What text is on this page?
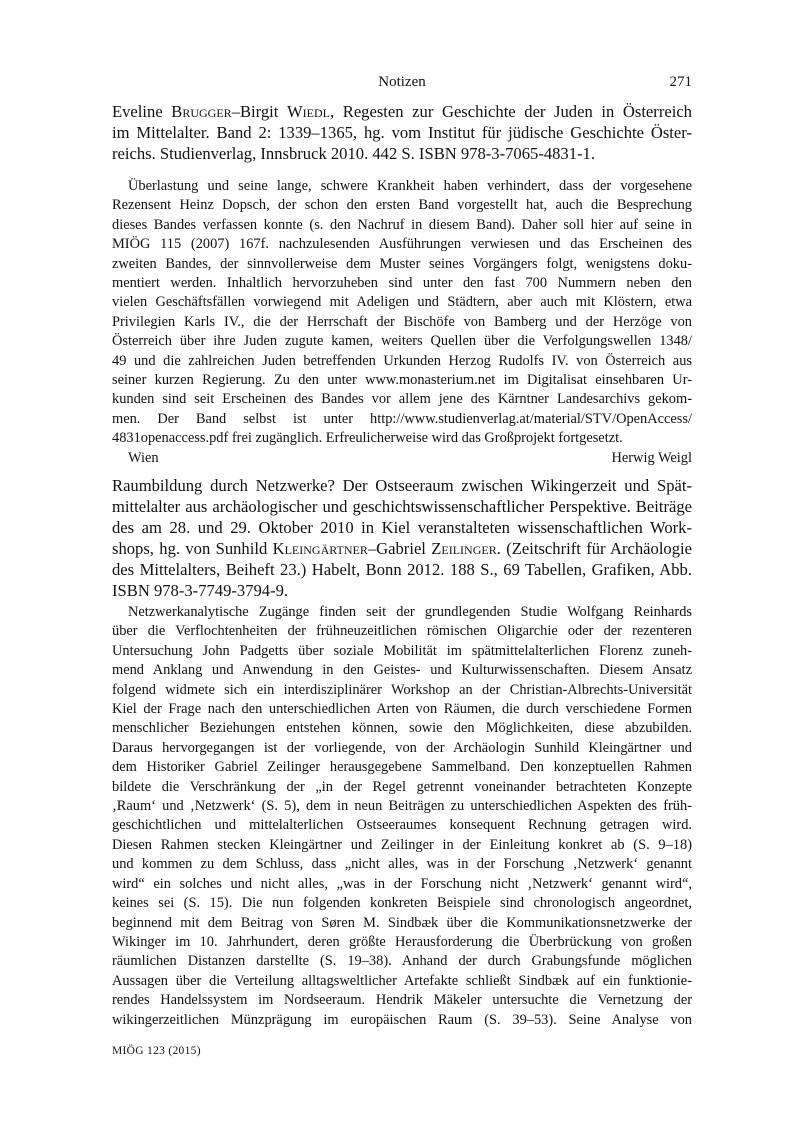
Notizen	271
Eveline Brugger–Birgit Wiedl, Regesten zur Geschichte der Juden in Österreich
im Mittelalter. Band 2: 1339–1365, hg. vom Institut für jüdische Geschichte Öster-
reichs. Studienverlag, Innsbruck 2010. 442 S. ISBN 978-3-7065-4831-1.
Überlastung und seine lange, schwere Krankheit haben verhindert, dass der vorgesehene
Rezensent Heinz Dopsch, der schon den ersten Band vorgestellt hat, auch die Besprechung
dieses Bandes verfassen konnte (s. den Nachruf in diesem Band). Daher soll hier auf seine in
MIÖG 115 (2007) 167f. nachzulesenden Ausführungen verwiesen und das Erscheinen des
zweiten Bandes, der sinnvollerweise dem Muster seines Vorgängers folgt, wenigstens doku-
mentiert werden. Inhaltlich hervorzuheben sind unter den fast 700 Nummern neben den
vielen Geschäftsfällen vorwiegend mit Adeligen und Städtern, aber auch mit Klöstern, etwa
Privilegien Karls IV., die der Herrschaft der Bischöfe von Bamberg und der Herzöge von
Österreich über ihre Juden zugute kamen, weiters Quellen über die Verfolgungswellen 1348/
49 und die zahlreichen Juden betreffenden Urkunden Herzog Rudolfs IV. von Österreich aus
seiner kurzen Regierung. Zu den unter www.monasterium.net im Digitalisat einsehbaren Ur-
kunden sind seit Erscheinen des Bandes vor allem jene des Kärntner Landesarchivs gekom-
men. Der Band selbst ist unter http://www.studienverlag.at/material/STV/OpenAccess/
4831openaccess.pdf frei zugänglich. Erfreulicherweise wird das Großprojekt fortgesetzt.
Wien	Herwig Weigl
Raumbildung durch Netzwerke? Der Ostseeraum zwischen Wikingerzeit und Spät-
mittelalter aus archäologischer und geschichtswissenschaftlicher Perspektive. Beiträge
des am 28. und 29. Oktober 2010 in Kiel veranstalteten wissenschaftlichen Work-
shops, hg. von Sunhild Kleingärtner–Gabriel Zeilinger. (Zeitschrift für Archäologie
des Mittelalters, Beiheft 23.) Habelt, Bonn 2012. 188 S., 69 Tabellen, Grafiken, Abb.
ISBN 978-3-7749-3794-9.
Netzwerkanalytische Zugänge finden seit der grundlegenden Studie Wolfgang Reinhards
über die Verflochtenheiten der frühneuzeitlichen römischen Oligarchie oder der rezenteren
Untersuchung John Padgetts über soziale Mobilität im spätmittelalterlichen Florenz zuneh-
mend Anklang und Anwendung in den Geistes- und Kulturwissenschaften. Diesem Ansatz
folgend widmete sich ein interdisziplinärer Workshop an der Christian-Albrechts-Universität
Kiel der Frage nach den unterschiedlichen Arten von Räumen, die durch verschiedene Formen
menschlicher Beziehungen entstehen können, sowie den Möglichkeiten, diese abzubilden.
Daraus hervorgegangen ist der vorliegende, von der Archäologin Sunhild Kleingärtner und
dem Historiker Gabriel Zeilinger herausgegebene Sammelband. Den konzeptuellen Rahmen
bildete die Verschränkung der „in der Regel getrennt voneinander betrachteten Konzepte
‚Raum‘ und ‚Netzwerk‘ (S. 5), dem in neun Beiträgen zu unterschiedlichen Aspekten des früh-
geschichtlichen und mittelalterlichen Ostseeraumes konsequent Rechnung getragen wird.
Diesen Rahmen stecken Kleingärtner und Zeilinger in der Einleitung konkret ab (S. 9–18)
und kommen zu dem Schluss, dass „nicht alles, was in der Forschung ‚Netzwerk‘ genannt
wird“ ein solches und nicht alles, „was in der Forschung nicht ‚Netzwerk‘ genannt wird“,
keines sei (S. 15). Die nun folgenden konkreten Beispiele sind chronologisch angeordnet,
beginnend mit dem Beitrag von Søren M. Sindbæk über die Kommunikationsnetzwerke der
Wikinger im 10. Jahrhundert, deren größte Herausforderung die Überbrückung von großen
räumlichen Distanzen darstellte (S. 19–38). Anhand der durch Grabungsfunde möglichen
Aussagen über die Verteilung alltagsweltlicher Artefakte schließt Sindbæk auf ein funktionie-
rendes Handelssystem im Nordseeraum. Hendrik Mäkeler untersuchte die Vernetzung der
wikingerzeitlichen Münzprägung im europäischen Raum (S. 39–53). Seine Analyse von
MIÖG 123 (2015)
